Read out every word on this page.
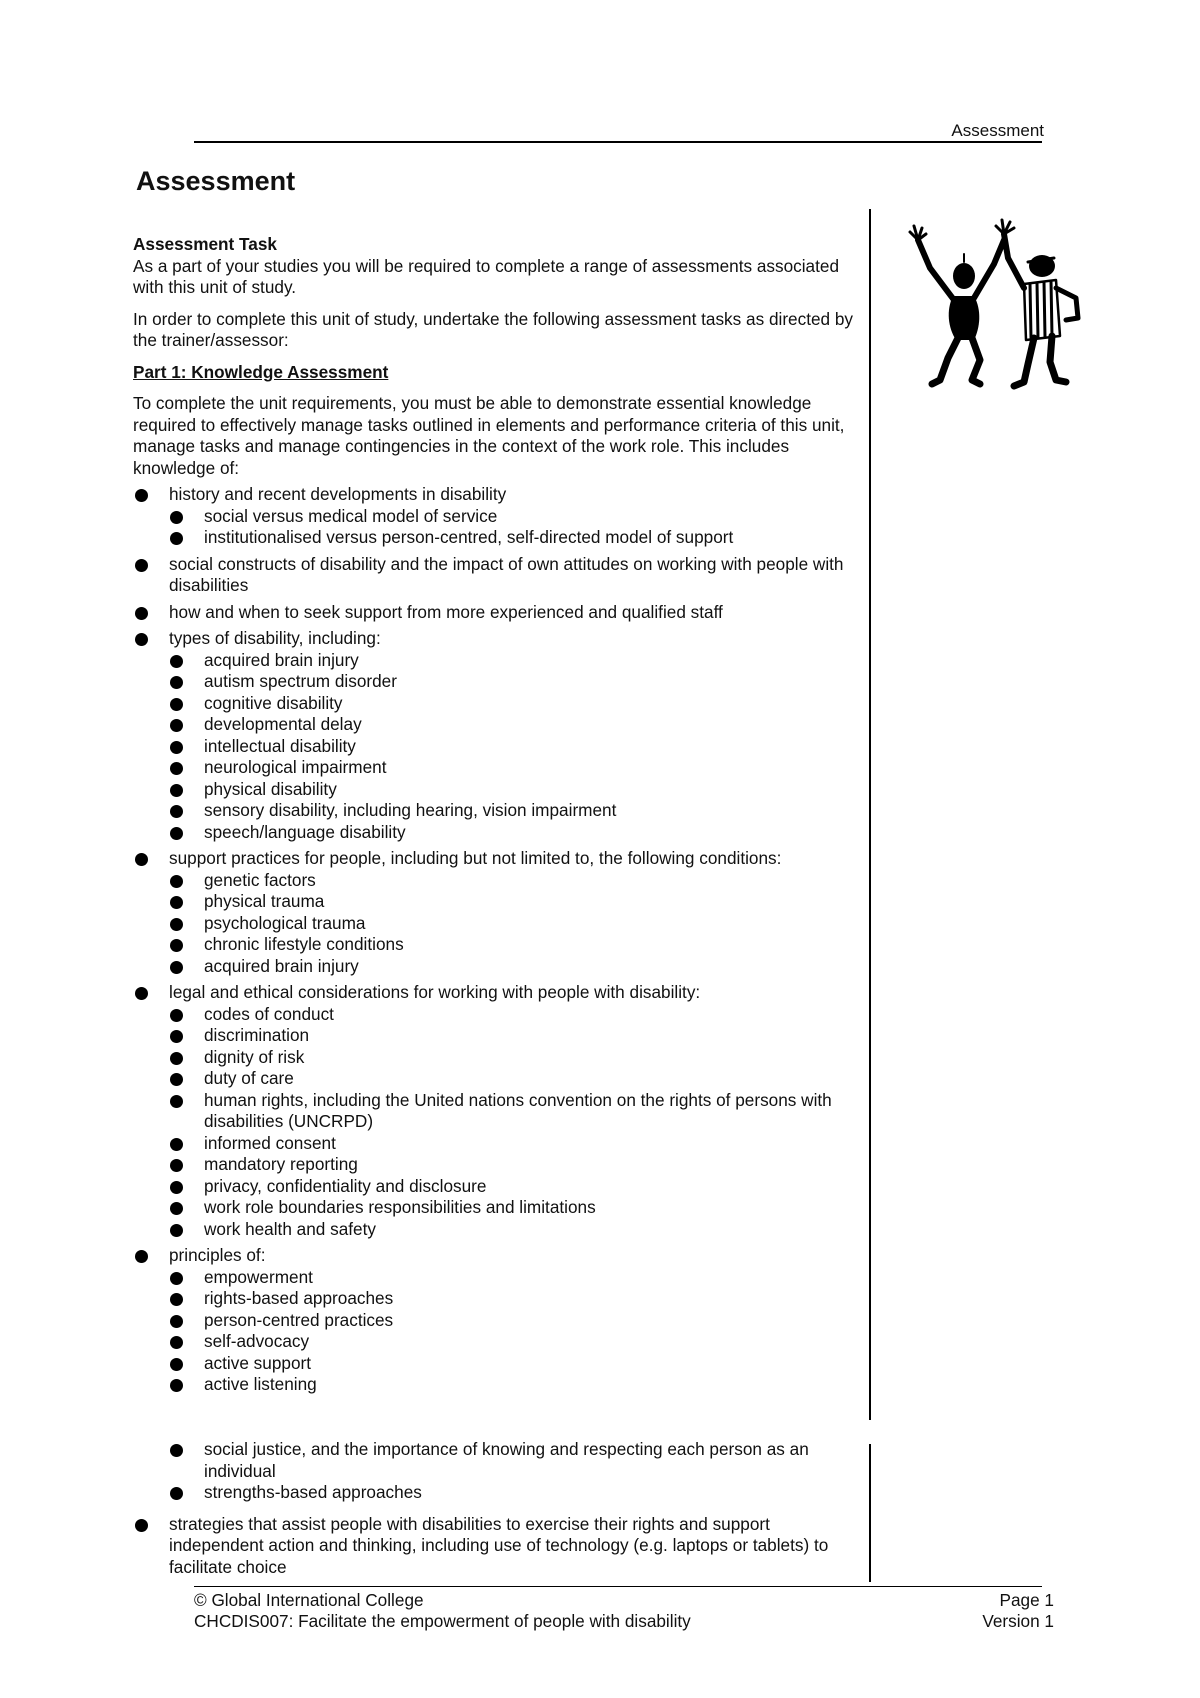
Assessment
Assessment

Assessment Task

As a part of your studies you will be required to complete a range of assessments associated with this unit of study.

In order to complete this unit of study, undertake the following assessment tasks as directed by the trainer/assessor:

Part 1: Knowledge Assessment

To complete the unit requirements, you must be able to demonstrate essential knowledge required to effectively manage tasks outlined in elements and performance criteria of this unit, manage tasks and manage contingencies in the context of the work role. This includes knowledge of:

history and recent developments in disability
social versus medical model of service
institutionalised versus person-centred, self-directed model of support
social constructs of disability and the impact of own attitudes on working with people with disabilities
how and when to seek support from more experienced and qualified staff
types of disability, including:
acquired brain injury
autism spectrum disorder
cognitive disability
developmental delay
intellectual disability
neurological impairment
physical disability
sensory disability, including hearing, vision impairment
speech/language disability
support practices for people, including but not limited to, the following conditions:
genetic factors
physical trauma
psychological trauma
chronic lifestyle conditions
acquired brain injury
legal and ethical considerations for working with people with disability:
codes of conduct
discrimination
dignity of risk
duty of care
human rights, including the United nations convention on the rights of persons with disabilities (UNCRPD)
informed consent
mandatory reporting
privacy, confidentiality and disclosure
work role boundaries responsibilities and limitations
work health and safety
principles of:
empowerment
rights-based approaches
person-centred practices
self-advocacy
active support
active listening
social justice, and the importance of knowing and respecting each person as an individual
strengths-based approaches
strategies that assist people with disabilities to exercise their rights and support independent action and thinking, including use of technology (e.g. laptops or tablets) to facilitate choice
© Global International College
CHCDIS007: Facilitate the empowerment of people with disability
Page 1
Version 1
